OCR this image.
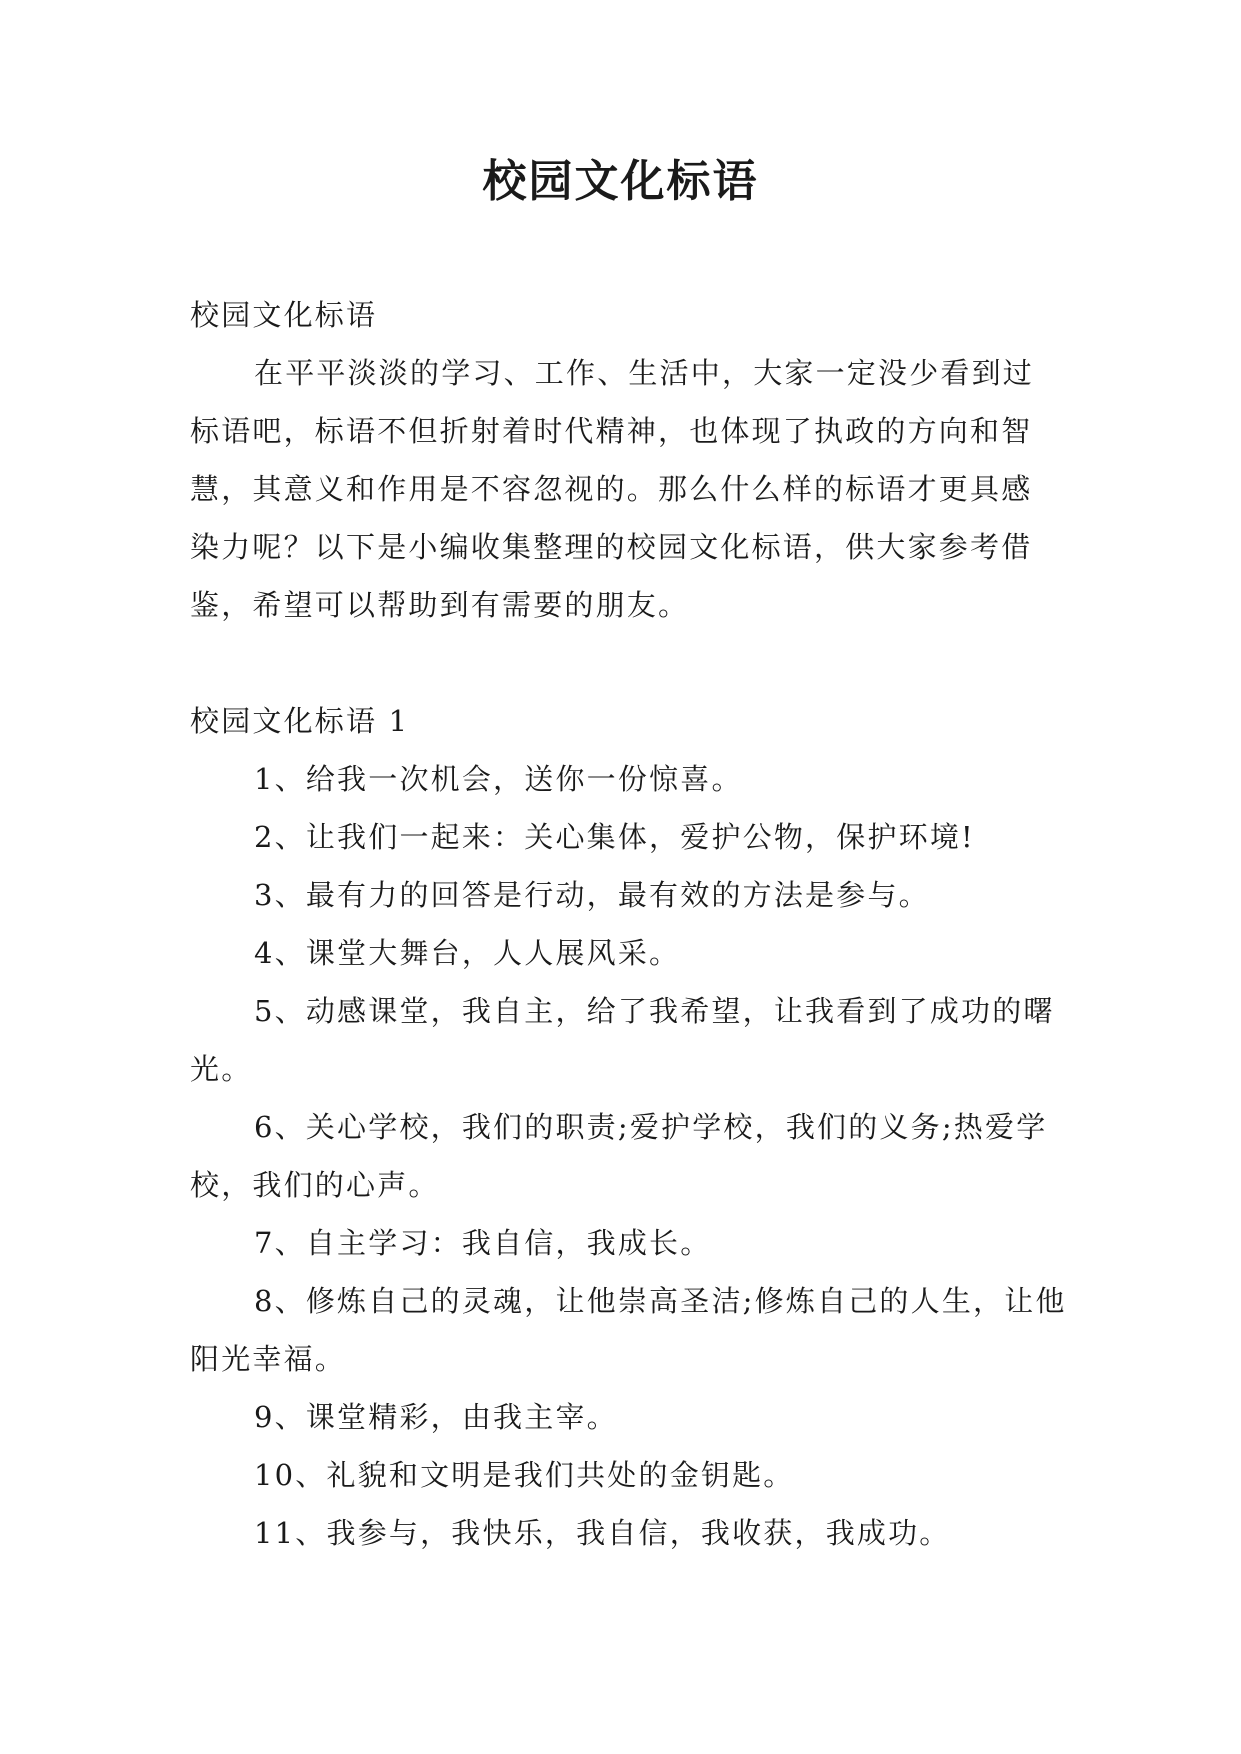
校园文化标语

校园文化标语

在平平淡淡的学习、工作、生活中，大家一定没少看到过标语吧，标语不但折射着时代精神，也体现了执政的方向和智慧，其意义和作用是不容忽视的。那么什么样的标语才更具感染力呢？以下是小编收集整理的校园文化标语，供大家参考借鉴，希望可以帮助到有需要的朋友。

校园文化标语 1

1、给我一次机会，送你一份惊喜。
2、让我们一起来：关心集体，爱护公物，保护环境!
3、最有力的回答是行动，最有效的方法是参与。
4、课堂大舞台，人人展风采。
5、动感课堂，我自主，给了我希望，让我看到了成功的曙光。
6、关心学校，我们的职责;爱护学校，我们的义务;热爱学校，我们的心声。
7、自主学习：我自信，我成长。
8、修炼自己的灵魂，让他崇高圣洁;修炼自己的人生，让他阳光幸福。
9、课堂精彩，由我主宰。
10、礼貌和文明是我们共处的金钥匙。
11、我参与，我快乐，我自信，我收获，我成功。
